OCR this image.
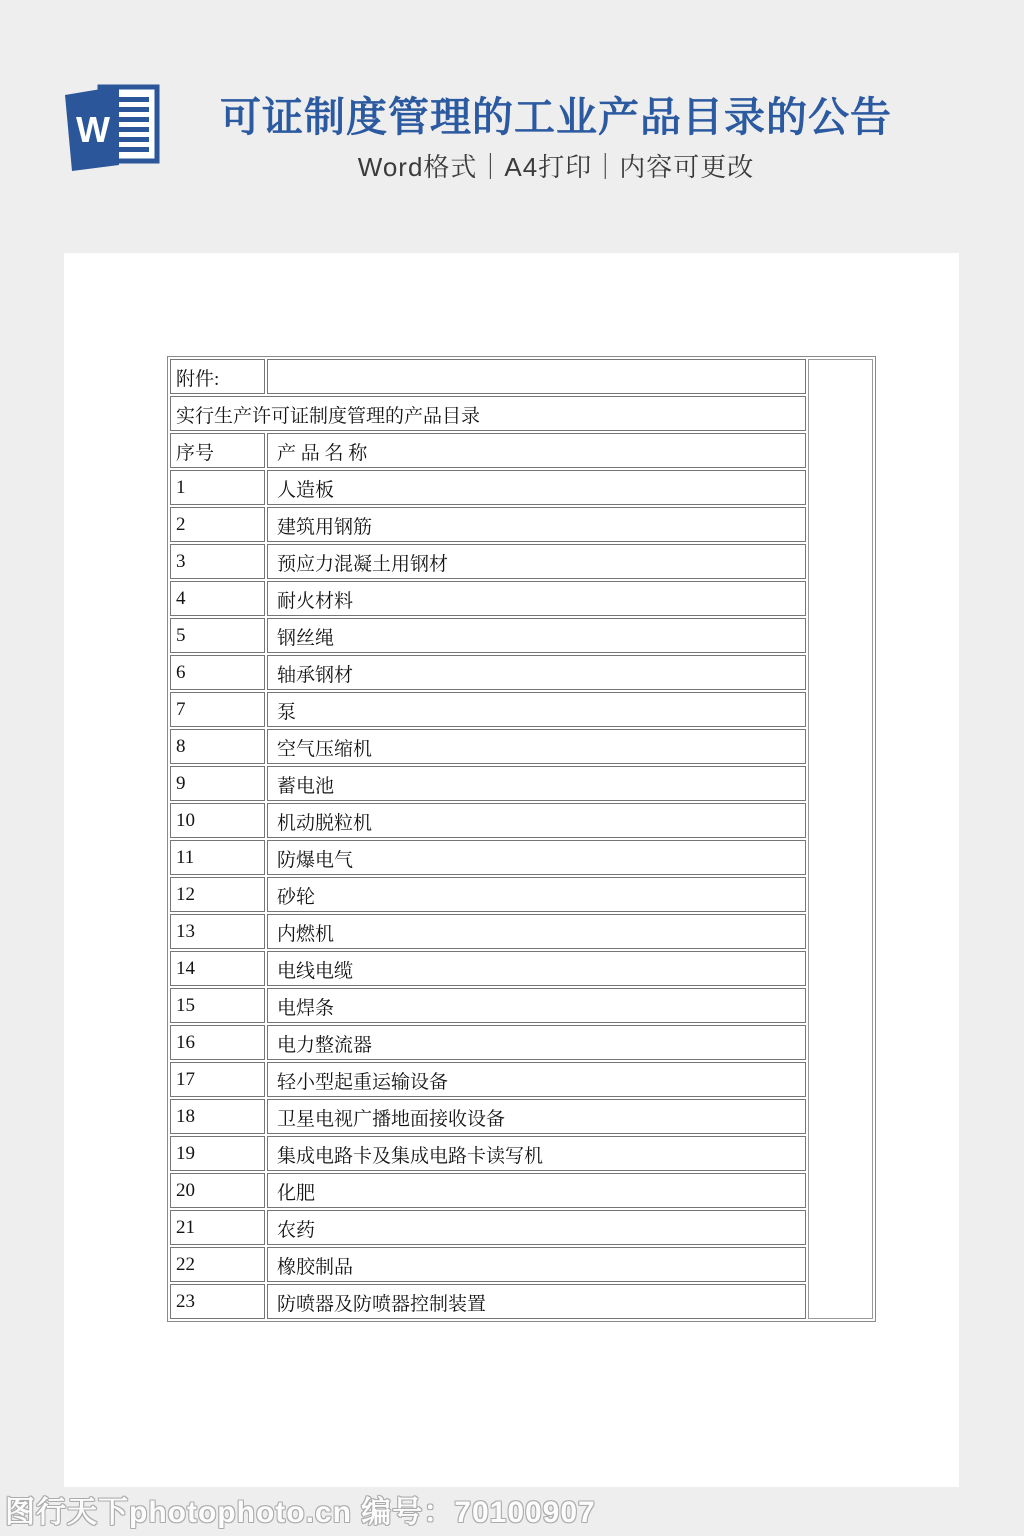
W	可证制度管理的工业产品目录的公告

Word格式｜A4打印｜内容可更改

附件:		
实行生产许可证制度管理的产品目录		
序号	产 品 名 称	
1	人造板	
2	建筑用钢筋	
3	预应力混凝土用钢材	
4	耐火材料	
5	钢丝绳	
6	轴承钢材	
7	泵	
8	空气压缩机	
9	蓄电池	
10	机动脱粒机	
11	防爆电气	
12	砂轮	
13	内燃机	
14	电线电缆	
15	电焊条	
16	电力整流器	
17	轻小型起重运输设备	
18	卫星电视广播地面接收设备	
19	集成电路卡及集成电路卡读写机	
20	化肥	
21	农药	
22	橡胶制品	
23	防喷器及防喷器控制装置	
图行天下photophoto.cn 编号：70100907
